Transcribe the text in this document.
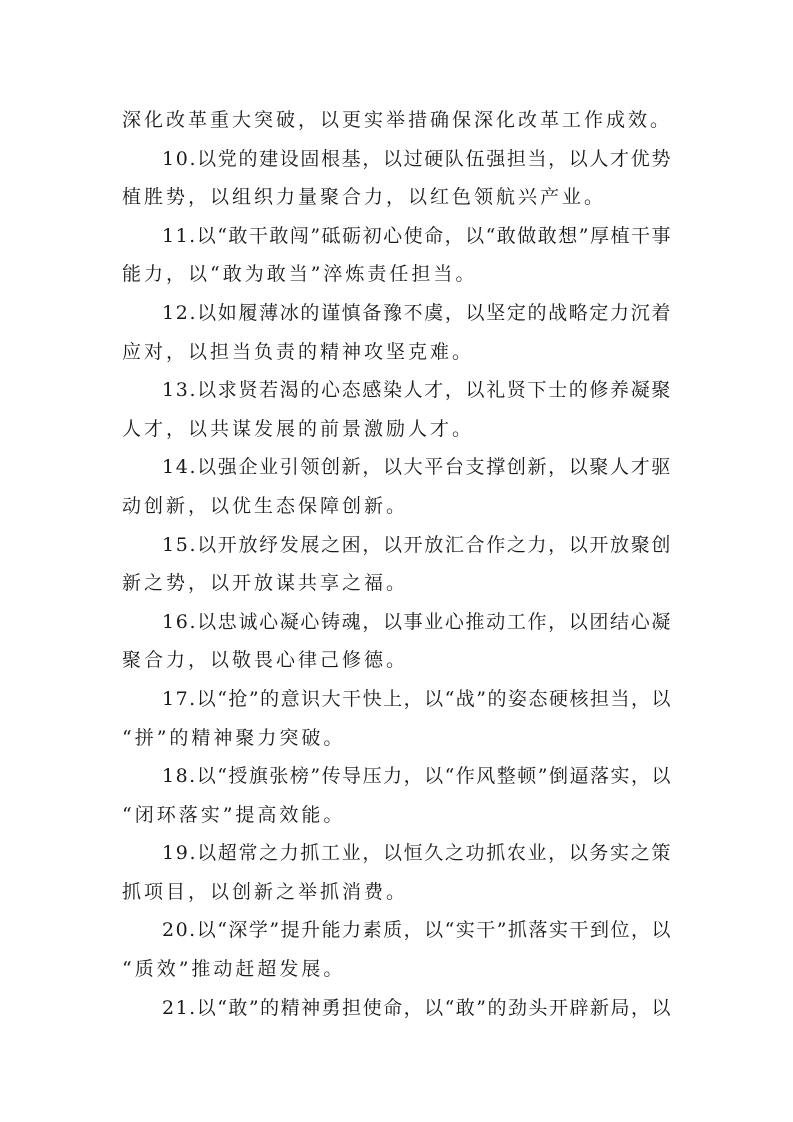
深化改革重大突破，以更实举措确保深化改革工作成效。
10.以党的建设固根基，以过硬队伍强担当，以人才优势
植胜势，以组织力量聚合力，以红色领航兴产业。
11.以“敢干敢闯”砥砺初心使命，以“敢做敢想”厚植干事
能力，以“敢为敢当”淬炼责任担当。
12.以如履薄冰的谨慎备豫不虞，以坚定的战略定力沉着
应对，以担当负责的精神攻坚克难。
13.以求贤若渴的心态感染人才，以礼贤下士的修养凝聚
人才，以共谋发展的前景激励人才。
14.以强企业引领创新，以大平台支撑创新，以聚人才驱
动创新，以优生态保障创新。
15.以开放纾发展之困，以开放汇合作之力，以开放聚创
新之势，以开放谋共享之福。
16.以忠诚心凝心铸魂，以事业心推动工作，以团结心凝
聚合力，以敬畏心律己修德。
17.以“抢”的意识大干快上，以“战”的姿态硬核担当，以
“拼”的精神聚力突破。
18.以“授旗张榜”传导压力，以“作风整顿”倒逼落实，以
“闭环落实”提高效能。
19.以超常之力抓工业，以恒久之功抓农业，以务实之策
抓项目，以创新之举抓消费。
20.以“深学”提升能力素质，以“实干”抓落实干到位，以
“质效”推动赶超发展。
21.以“敢”的精神勇担使命，以“敢”的劲头开辟新局，以
